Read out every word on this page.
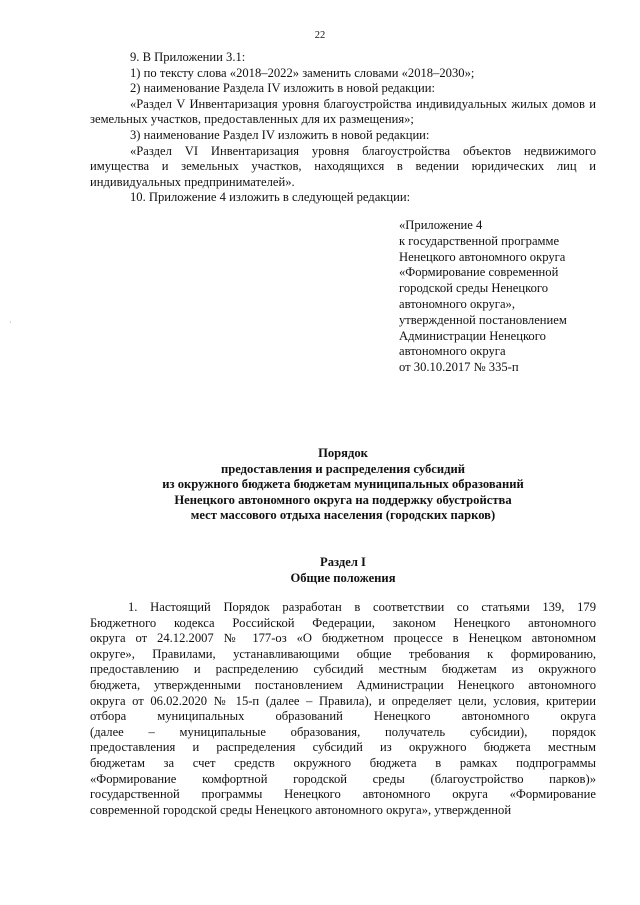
22
·

9. В Приложении 3.1:

1) по тексту слова «2018–2022» заменить словами «2018–2030»;

2) наименование Раздела IV изложить в новой редакции:

«Раздел V Инвентаризация уровня благоустройства индивидуальных жилых домов и земельных участков, предоставленных для их размещения»;

3) наименование Раздел IV изложить в новой редакции:

«Раздел VI Инвентаризация уровня благоустройства объектов недвижимого имущества и земельных участков, находящихся в ведении юридических лиц и индивидуальных предпринимателей».

10. Приложение 4 изложить в следующей редакции:

«Приложение 4
к государственной программе
Ненецкого автономного округа
«Формирование современной
городской среды Ненецкого
автономного округа»,
утвержденной постановлением
Администрации Ненецкого
автономного округа
от 30.10.2017 № 335-п
Порядок
предоставления и распределения субсидий
из окружного бюджета бюджетам муниципальных образований
Ненецкого автономного округа на поддержку обустройства
мест массового отдыха населения (городских парков)
Раздел I
Общие положения
1. Настоящий Порядок разработан в соответствии со статьями 139, 179
Бюджетного кодекса Российской Федерации, законом Ненецкого автономного
округа от 24.12.2007 № 177-оз «О бюджетном процессе в Ненецком автономном
округе», Правилами, устанавливающими общие требования к формированию,
предоставлению и распределению субсидий местным бюджетам из окружного
бюджета, утвержденными постановлением Администрации Ненецкого автономного
округа от 06.02.2020 № 15-п (далее – Правила), и определяет цели, условия, критерии
отбора муниципальных образований Ненецкого автономного округа
(далее – муниципальные образования, получатель субсидии), порядок
предоставления и распределения субсидий из окружного бюджета местным
бюджетам за счет средств окружного бюджета в рамках подпрограммы
«Формирование комфортной городской среды (благоустройство парков)»
государственной программы Ненецкого автономного округа «Формирование
современной городской среды Ненецкого автономного округа», утвержденной
